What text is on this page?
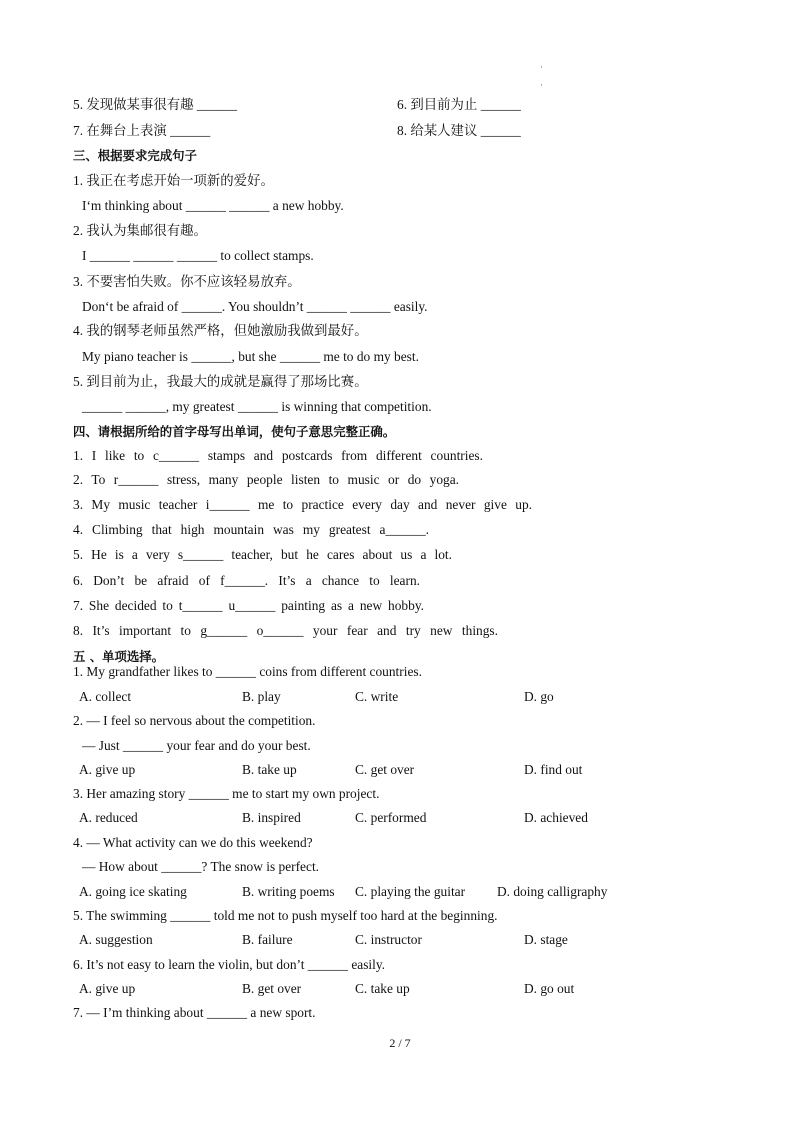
·
·
5. 发现做某事很有趣 ______	6. 到目前为止 ______
7. 在舞台上表演 ______	8. 给某人建议 ______
三、根据要求完成句子
1. 我正在考虑开始一项新的爱好。
I‘m thinking about ______ ______ a new hobby.
2. 我认为集邮很有趣。
I ______ ______ ______ to collect stamps.
3. 不要害怕失败。你不应该轻易放弃。
Don‘t be afraid of ______. You shouldn’t ______ ______ easily.
4. 我的钢琴老师虽然严格，但她激励我做到最好。
My piano teacher is ______, but she ______ me to do my best.
5. 到目前为止，我最大的成就是赢得了那场比赛。
______ ______, my greatest ______ is winning that competition.
四、请根据所给的首字母写出单词，使句子意思完整正确。
1. I like to c______ stamps and postcards from different countries.
2. To r______ stress, many people listen to music or do yoga.
3. My music teacher i______ me to practice every day and never give up.
4. Climbing that high mountain was my greatest a______.
5. He is a very s______ teacher, but he cares about us a lot.
6. Don’t be afraid of f______. It’s a chance to learn.
7. She decided to t______ u______ painting as a new hobby.
8. It’s important to g______ o______ your fear and try new things.
五 、单项选择。
1. My grandfather likes to ______ coins from different countries.
A. collect	B. play	C. write	D. go
2. — I feel so nervous about the competition.
— Just ______ your fear and do your best.
A. give up	B. take up	C. get over	D. find out
3. Her amazing story ______ me to start my own project.
A. reduced	B. inspired	C. performed	D. achieved
4. — What activity can we do this weekend?
— How about ______? The snow is perfect.
A. going ice skating	B. writing poems C. playing the guitar D. doing calligraphy
5. The swimming ______ told me not to push myself too hard at the beginning.
A. suggestion	B. failure	C. instructor	D. stage
6. It’s not easy to learn the violin, but don’t ______ easily.
A. give up	B. get over	C. take up	D. go out
7. — I’m thinking about ______ a new sport.
2 / 7
